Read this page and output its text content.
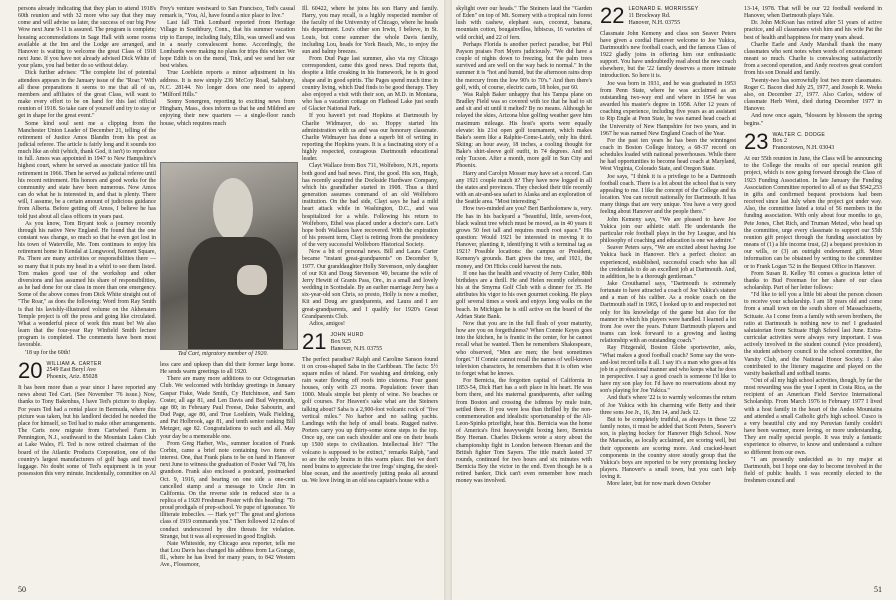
persons already indicating that they plan to attend 1918's 60th reunion and with 32 more who say that they may come and will advise us later, the success of our big Pow Wow next June 9-11 is assured. The program is complete; housing accommodations in Sage Hall with some rooms available at the Inn and the Lodge are arranged, and Hanover is waiting to welcome the great Class of 1918 next June. If you have not already advised Dick White of your plans, you had better do so without delay.

Dick further advises: "The complete list of potential attendees appears in the January issue of the "Roar." With all these preparations it seems to me that all of us, members and affiliates of the great Class, will want to make every effort to be on hand for this last official reunion of 1918. So take care of yourself and try to stay or get in shape for the great event."

Some kind soul sent me a clipping from the Manchester Union Leader of December 21, telling of the retirement of Justice Amos Blandin from his post as judicial referee. The article is fairly long and it sounds too much like an obit (which, thank God, it isn't) to reproduce in full. Amos was appointed in 1947 to New Hampshire's highest court, where he served as associate justice till his retirement in 1966. Then he served as judicial referee until his recent retirement. His honors and good works for the community and state have been numerous. Now Amos can do what he is interested in, and that is plenty. There will, I assume, be a certain amount of judicious guidance from Alberta. Before getting off Amos, I believe he has told just about all class officers in years past.

As you know, Tom Bryant took a journey recently through his native New England. He found that the one constant was change, so much so that he even got lost in his town of Waterville, Me. Tom continues to enjoy his retirement home in Kendal at Longwood, Kennett Square, Pa. There are many activities or responsibilities there — so many that it puts my head in a whirl to see them listed. Tom makes good use of the workshop and other diversions and has assumed his share of responsibilities, as he had done for our class in more than one emergency. Some of the above comes from Dick White straight out of "The Roar," as does the following: Word from Ray Smith is that his lavishly-illustrated volume on the Akhenaten Temple project is off the press and going like circulated. What a wonderful piece of work this must be! We also learn that the four-year Ray Winfield Smith lecture program is completed. The comments have been most favorable.

'18 up for the 60th!

20 WILLIAM A. CARTER
2549 East Beryl Ave
Phoenix, Ariz. 85028

It has been more than a year since I have reported any news about Ted Cart. (See November '76 issue.) Now, thanks to Tony Bakenhus, I have Ted's picture to display. For years Ted had a rental place in Bermuda, where this picture was taken, but his landlord decided he needed the place for himself, so Ted had to make other arrangements. The Carts now migrate from Cartwheel Farm in Pennington, N.J., southward to the Mountain Lakes Club at Lake Wales, Fl. Ted is now retired chairman of the board of the Atlantic Products Corporation, one of the country's largest manufacturers of golf bags and travel luggage. No doubt some of Ted's equipment is in your possession this very minute. Incidentally, committee on Al

Frey's venture westward to San Francisco, Ted's casual remark is, "You, Al, have found a nice place to live."

Last fall Tink Lombard reported from Heritage Village in Southbury, Conn., that his summer vacation trip to Europe, including Italy, Ellis, was unwell and was in a nearly convalescent home. Accordingly, the Lombards were making no plans for trips this winter. We hope Edith is on the mend, Tink, and we send her our best wishes.

True Loehlein reports a minor adjustment in his address. It is now simply 236 McCoy Road, Salisbury, N.C. 28144. No longer does one need to append "Milford Hills."

Sonny Sonergren, reporting to exciting news from Hingham, Mass., does inform us that he and Mildred are enjoying their new quarters — a single-floor ranch house, which requires much

Ted Cart, migratory member of 1920.

less care and upkeep than did their former large home. He sends warm greetings to all 1920.

There are many more additions to our Octogenarian Club. We welcomed with birthday greetings in January Gaspar Fiske, Wade Smith, Cy Hutchinson, and Sam Coster, all age 81, and Len Davis and Bud Weymouth, age 80; in February Paul Freese, Duke Sabourin, and Dud Page, age 80, and True Loehlein, Walk Fielding, and Pat Holbrook, age 81, and tenth senior ranking Bill Metzger, age 82. Congratulations to each and all. May your day be a memorable one.

From Greg Harber, Wis., summer location of Frank Corbin, came a brief note containing two items of interest. One, that Frank plans to be on hand in Hanover next June to witness the graduation of Foster Vail '78, his grandson. Frank also enclosed a postcard, postmarked Oct. 9, 1916, and bearing on one side a one-cent cancelled stamp and a message to Uncle Jim in California. On the reverse side in reduced size is a replica of a 1920 Freshman Poster with this heading: "To proud prodigals of prep-school. Ye pupe of ignorance. Ye illiterate imbeciles. — Hark ye!" The great and glorious class of 1919 commands you." Then followed 12 rules of conduct underscored by dire threats for violation. Strange, but it was all expressed in good English.

Nate Whiteside, my Chicago area reporter, tells me that Lou Davis has changed his address from La Grange, Ill., where he has lived for many years, to 842 Western Ave., Flossmoor,

Ill. 60422, where he joins his son Harry and family. Harry, you may recall, is a highly respected member of the faculty of the University of Chicago, where he heads his department. Lou's other son Irwin, I believe, in St. Louis, but come summer the whole Davis family, including Lou, heads for York Beach, Me., to enjoy the sun and balmy breezes.

From Dud Page last summer, also via my Chicago correspondent, came this good news. Dud reports that, despite a little creaking in his framework, he is in good shape and in good spirits. The Pages spend much time in country living, which Dud finds to be good therapy. They also enjoyed a visit with their son, an M.D. in Montana, who has a vacation cottage on Flathead Lake just south of Glacier National Park.

If you haven't yet read Hopkins at Dartmouth by Charlie Widmayer, do so. Hoppy started his administration with us and was our honorary classmate. Charlie Widmayer has done a superb bit of writing in reporting the Hopkins years. It is a fascinating story of a highly respected, courageous Dartmouth educational leader.

Clayt Wallace from Box 711, Wolfeboro, N.H., reports both good and bad news. First, the good. His son, Hugh, has recently acquired the Dockside Hardware Company, which his grandfather started in 1908. Thus a third generation assumes command of an old Wolfeboro institution. On the bad side, Clayt says he had a mild heart attack while in Washington, D.C., and was hospitalized for a while. Following his return to Wolfeboro, Ethel was placed under a doctor's care. Let's hope both Wallaces have recovered. With the expiration of his present term, Clayt is retiring from the presidency of the very successful Wolfeboro Historical Society.

Now a bit of personal news. Bill and Laura Carter became "instant great-grandparents" on December 9, 1977. Our granddaughter Holly Stevenson, only daughter of our Kit and Doug Stevenson '49, became the wife of Jerry Hewitt of Grants Pass, Ore., in a small and lovely wedding in Scottsdale. By an earlier marriage Jerry has a six-year-old son Chris, so presto, Holly is now a mother, Kit and Doug are grandparents, and Laura and I are great-grandparents, and I qualify for 1920's Great Grandparents Club.

Adios, amigos!

21 JOHN HURD
Box 925
Hanover, N.H. 03755

The perfect paradise? Ralph and Caroline Sanson found it on cross-shaped Saba in the Caribbean. The facts: 5½ square miles of island. For washing and drinking, only rain water flowing off roofs into cisterns. Four guest houses, only with 23 rooms. Population: fewer than 1000. Meals simple but plenty of wine. No beaches or golf courses. For Heaven's sake what are the Steiners talking about? Saba is a 2,900-foot volcanic rock of "five vertical miles." No harbor and no sailing yachts. Landings with the help of small boats. Rugged native. Porters carry you up thirty-some stone steps to the top. Once up, one can each shoulder and one on their heads up 1500 steps to civilization. Intellectual life? "The volcano is supposed to be extinct," remarks Ralph, "and so are the only brains in this warm place. But we don't need brains to appreciate the tree frogs' singing, the steel-blue ocean, and the assertively jutting peaks all around us. We love living in an old sea captain's house with a

50

skylight over our heads." The Steiners laud the "Garden of Eden" on top of Mt. Scenery with a tropical rain forest lush with cashew, elephant ears, coconut, banana, mountain cotton, bougainvillea, hibiscus, 16 varieties of wild orchid, and 22 of fern.

Perhaps Florida is another perfect paradise, but Phil Payson praises Fort Myers judiciously. "We did have a couple of nights down to freezing, but the palm trees survived and are well on the way back to normal." In the summer it is "hot and humid, but the afternoon rains drop the mercury from the low 90's to 70's." And then there's golf, with, of course, electric carts, 18 holes, par 60.

Was Ralph Baker unhappy that his Tampa plane on Bradley Field was so covered with ice that he had to sit and sit and sit until it melted? By no means. Although he relayed the skies, Arizona blue golfing weather gave him maximum mileage. His host's sports were equally elevate: his 21st open golf tournament, which makes Bake's seem like a Ralphie-Come-Lately, only his third. Skiing: an hour away, 18 inches, a cooling thought for Bake's shirt-sleeve golf outfit, in 74 degrees. And not only Tucson. After a month, more golf in Sun City and Phoenix.

Harry and Carolyn Mosser may have set a record. Can any 1921 couple match it? They have now logged in all the states and provinces. They checked their title recently with an air-and-sea safari to Alaska and an exploration of the Seattle area. "Most interesting."

How two-minded are you? Bert Bartholomew is, very. He has in his backyard a "beautiful, little, seven-foot, black walnut tree which must be moved, as in 40 years it grows 50 feet tall and requires much root space." His question: Would 1921 be interested in moving it to Hanover, planting it, identifying it with a terminal tag as 1921? Possible locations: the campus or President, Kemeny's grounds. Bart gives the tree, and 1921, the money, and Ort Hicks could harvest the nuts.

If one has the health and vivacity of Jerry Cutler, 80th birthdays are a thrill. He and Helen recently celebrated his at the Smyrna Golf Club with a dinner for 35. He attributes his vigor to his own gourmet cooking. He plays golf several times a week and enjoys long walks on the beach. In Michigan he is still active on the board of the Adrian State Bank.

Now that you are in the full flush of your maturity, how are you on forgetfulness? When Connie Keyes goes into the kitchen, he is frantic in the center, for he cannot recall what he wanted. Then he remembers Shakespeare, who observed, "Men are men; the best sometimes forget." If Connie cannot recall the names of well-known television characters, he remembers that it is often wise to forget what he knows.

For Bernicia, the forgotten capital of California in 1853-54, Dick Hart has a soft place in his heart. He was born there, and his maternal grandparents, after sailing from Boston and crossing the isthmus by mule train, settled there. If you were less than thrilled by the non-commemoration and idealistic sportsmanship of the Ali-Leon-Spinks prizefight, hear this. Bernicia was the home of America's first heavyweight boxing hero, Bernicia Boy Heenan. Charles Dickens wrote a story about the championship fight in London between Heenan and the British fighter Tom Sayers. The title match lasted 37 rounds, continued for two hours and six minutes with Bernicia Boy the victor in the end. Even though he is a retired banker, Dick can't even remember how much money was involved.

22 LEONARD E. MORRISSEY
11 Brockway Rd.
Hanover, N.H. 03755

Classmate John Kemeny and class son Seaver Peters have given a cordial Hanover welcome to Joe Yukica, Dartmouth's new football coach, and the famous Class of 1922 gladly joins in offering him our enthusiastic support. You have undoubtedly read about the new coach elsewhere, but the '22 family deserves a more intimate introduction. So here it is.

Joe was born in 1931, and he was graduated in 1953 from Penn State, where he was acclaimed as an outstanding two-way end and where in 1954 he was awarded his master's degree in 1958. After 12 years of coaching experience, including five years as an assistant to Rip Engle at Penn State, he was named head coach at the University of New Hampshire for two years, and in 1967 he was named New England Coach of the Year.

For the past ten years he has been the winningest coach in Boston College history, a 68-37 record on schedules loaded with national powerhouses. While there he had opportunities to become head coach at Maryland, West Virginia, Colorado State, and Oregon State.

Joe says, "I think it is a privilege to be a Dartmouth football coach. There is a lot about the school that is very appealing to me. I like the concept of the College and its location. You can recruit nationally for Dartmouth. It has many things that are very unique. You have a very good feeling about Hanover and the people there."

John Kemeny says, "We are pleased to have Joe Yukica join our athletic staff. He understands the particular role football plays in the Ivy League, and his philosophy of coaching and education is one we admire."

Seaver Peters says, "We are excited about having Joe Yukica back in Hanover. He's a perfect choice: an experienced, established, successful coach who has all the credentials to do an excellent job at Dartmouth. And, in addition, he is a thorough gentleman."

Jake Crouthamel says, "Dartmouth is extremely fortunate to have attracted a coach of Joe Yukica's stature and a man of his caliber. As a rookie coach on the Dartmouth staff in 1965, I looked up to and respected not only for his knowledge of the game but also for the manner in which his players were handled. I learned a lot from Joe over the years. Future Dartmouth players and teams can look forward to a growing and lasting relationship with an outstanding coach."

Ray Fitzgerald, Boston Globe sportswriter, asks, "What makes a good football coach? Some say the won-and-lost record tells it all. I say it's a man who goes at his job in a professional manner and who keeps what he does in perspective. I say a good coach is someone I'd like to have my son play for. I'd have no reservations about my son's playing for Joe Yukica."

And that's where '22 is to warmly welcomes the return of Joe Yukica with his charming wife Betty and their three sons Joe Jr., 16, Jim 14, and Jack 12.

But to be completely truthful, as always in these '22 family notes, it must be added that Scott Peters, Seaver's son, is playing hockey for Hanover High School. Now the Marsacks, as locally acclaimed, are scoring well, but their opponents are scoring more. And cracked-heart components in the country store stoutly group that the Yukica's boys are reported to be very promising hockey players. Hanover's a small town, but you can't help loving it.

More later, but for now mark down October

13-14, 1978. That will be our '22 football weekend in Hanover, when Dartmouth plays Yale.

Dr. John McKoan has retired after 51 years of active practice, and all classmates wish him and his wife Pat the best of health and happiness for many years ahead.

Charlie Earle and Andy Marshall thank the many classmates who sent notes when words of encouragement meant so much. Charlie is convalescing satisfactorily from a second operation, and Andy receives great comfort from his son Donald and family.

Twenty-two has sorrowfully lost two more classmates. Roger C. Bacon died July 25, 1977, and Joseph R. Weeks also, on December 27, 1977. Also Carlos, widow of classmate Herb Went, died during December 1977 in Hanover.

And now once again, "blossom by blossom the spring begins."

23 WALTER C. DODGE
Box 2
Francestown, N.H. 03043

At our 55th reunion in June, the Class will be announcing to the College the results of our special reunion gift project, which is now going forward through the Class of 1923 Funding Association. In late January the Funding Association Committee reported to all of us that $542,253 in gifts and confirmed bequest provisions had been received since last July when the project got under way. Also, the committee listed a total of 56 members in the funding association. With only about four months to go, Pete Jones, Chet Rich, and Truman Metzel, who head up the committee, urge every classmate to support our 55th reunion gift project through the funding association by means of (1) a life income trust, (2) a bequest provision in our wills, or (3) an outright endowment gift. More information can be obtained by writing to the committee or to Frank Logan '52 in the Bequest Office in Hanover.

From Susan R. Kelley '81 comes a gracious letter of thanks to Bud Freeman for her share of our class scholarship. Part of her letter follows:

"I'd like to tell you a little bit about the person chosen to receive your scholarship. I am 18 years old and come from a small town on the south shore of Massachusetts, Scituate. As I come from a family with seven brothers, the ratio at Dartmouth is nothing new to me! I graduated salutatorian from Scituate High School last June. Extra-curricular activities were always very important. I was actively involved in the student council (vice president), the student advisory council to the school committee, the Varsity Club, and the National Honor Society. I also contributed to the literary magazine and played on the varsity basketball and softball teams.

"Out of all my high school activities, though, by far the most rewarding was the year I spent in Costa Rica, as the recipient of an American Field Service International Scholarship. From March 1976 to February 1977 I lived with a host family in the heart of the Andes Mountains and attended a small Catholic girl's high school. Cusco is a very beautiful city and my Peruvian family couldn't have been warmer, more loving, or more understanding. They are really special people. It was truly a fantastic experience to observe, to know and understand a culture so different from our own.

"I am presently undecided as to my major at Dartmouth, but I hope one day to become involved in the field of public health. I was recently elected to the freshmen council and

51
